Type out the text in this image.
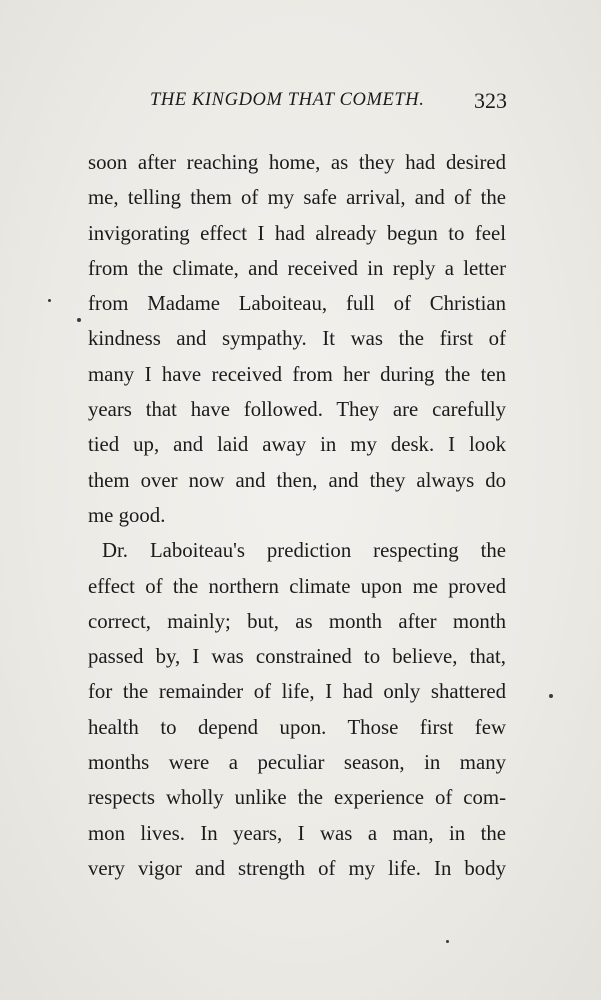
THE KINGDOM THAT COMETH. 323
soon after reaching home, as they had desired
me, telling them of my safe arrival, and of the
invigorating effect I had already begun to feel
from the climate, and received in reply a letter
from Madame Laboiteau, full of Christian
kindness and sympathy. It was the first of
many I have received from her during the ten
years that have followed. They are carefully
tied up, and laid away in my desk. I look
them over now and then, and they always do
me good.
Dr. Laboiteau's prediction respecting the
effect of the northern climate upon me proved
correct, mainly; but, as month after month
passed by, I was constrained to believe, that,
for the remainder of life, I had only shattered
health to depend upon. Those first few
months were a peculiar season, in many
respects wholly unlike the experience of com-
mon lives. In years, I was a man, in the
very vigor and strength of my life. In body
